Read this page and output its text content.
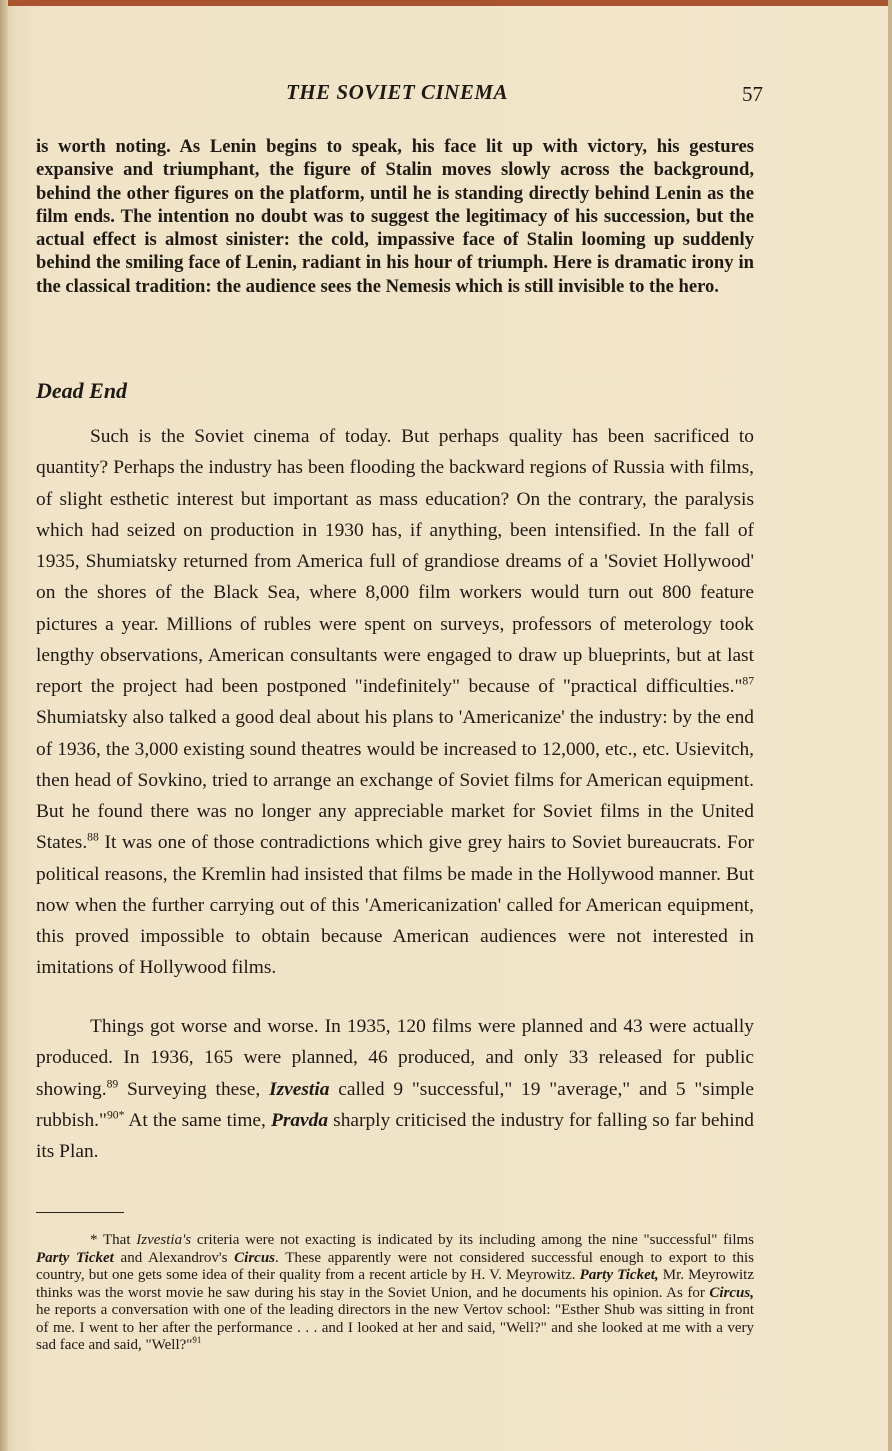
THE SOVIET CINEMA	57

is worth noting. As Lenin begins to speak, his face lit up with victory, his gestures expansive and triumphant, the figure of Stalin moves slowly across the background, behind the other figures on the platform, until he is standing directly behind Lenin as the film ends. The intention no doubt was to suggest the legitimacy of his succession, but the actual effect is almost sinister: the cold, impassive face of Stalin looming up suddenly behind the smiling face of Lenin, radiant in his hour of triumph. Here is dramatic irony in the classical tradition: the audience sees the Nemesis which is still invisible to the hero.

Dead End

Such is the Soviet cinema of today. But perhaps quality has been sacrificed to quantity? Perhaps the industry has been flooding the backward regions of Russia with films, of slight esthetic interest but important as mass education? On the contrary, the paralysis which had seized on production in 1930 has, if anything, been intensified. In the fall of 1935, Shumiatsky returned from America full of grandiose dreams of a 'Soviet Hollywood' on the shores of the Black Sea, where 8,000 film workers would turn out 800 feature pictures a year. Millions of rubles were spent on surveys, professors of meterology took lengthy observations, American consultants were engaged to draw up blueprints, but at last report the project had been postponed "indefinitely" because of "practical difficulties."$^{87}$ Shumiatsky also talked a good deal about his plans to 'Americanize' the industry: by the end of 1936, the 3,000 existing sound theatres would be increased to 12,000, etc., etc. Usievitch, then head of Sovkino, tried to arrange an exchange of Soviet films for American equipment. But he found there was no longer any appreciable market for Soviet films in the United States.$^{88}$ It was one of those contradictions which give grey hairs to Soviet bureaucrats. For political reasons, the Kremlin had insisted that films be made in the Hollywood manner. But now when the further carrying out of this 'Americanization' called for American equipment, this proved impossible to obtain because American audiences were not interested in imitations of Hollywood films.

Things got worse and worse. In 1935, 120 films were planned and 43 were actually produced. In 1936, 165 were planned, 46 produced, and only 33 released for public showing.$^{89}$ Surveying these, Izvestia called 9 "successful," 19 "average," and 5 "simple rubbish."$^{90*}$ At the same time, Pravda sharply criticised the industry for falling so far behind its Plan.

* That Izvestia's criteria were not exacting is indicated by its including among the nine "successful" films Party Ticket and Alexandrov's Circus. These apparently were not considered successful enough to export to this country, but one gets some idea of their quality from a recent article by H. V. Meyrowitz. Party Ticket, Mr. Meyrowitz thinks was the worst movie he saw during his stay in the Soviet Union, and he documents his opinion. As for Circus, he reports a conversation with one of the leading directors in the new Vertov school: "Esther Shub was sitting in front of me. I went to her after the performance . . . and I looked at her and said, "Well?" and she looked at me with a very sad face and said, "Well?"$^{91}$
